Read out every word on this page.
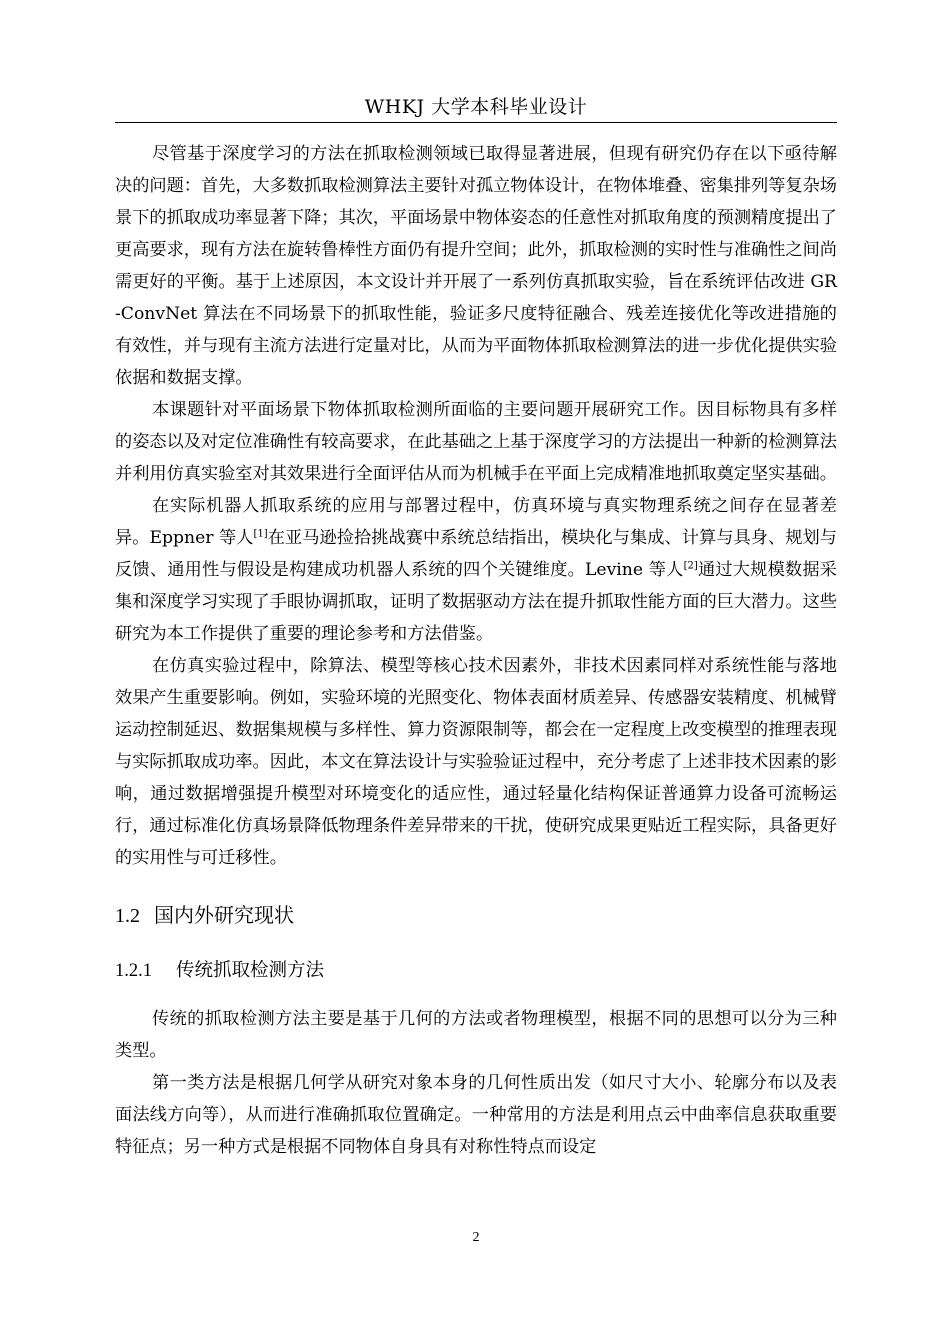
WHKJ 大学本科毕业设计

尽管基于深度学习的方法在抓取检测领域已取得显著进展，但现有研究仍存在以下亟待解决的问题：首先，大多数抓取检测算法主要针对孤立物体设计，在物体堆叠、密集排列等复杂场景下的抓取成功率显著下降；其次，平面场景中物体姿态的任意性对抓取角度的预测精度提出了更高要求，现有方法在旋转鲁棒性方面仍有提升空间；此外，抓取检测的实时性与准确性之间尚需更好的平衡。基于上述原因，本文设计并开展了一系列仿真抓取实验，旨在系统评估改进 GR-ConvNet 算法在不同场景下的抓取性能，验证多尺度特征融合、残差连接优化等改进措施的有效性，并与现有主流方法进行定量对比，从而为平面物体抓取检测算法的进一步优化提供实验依据和数据支撑。

本课题针对平面场景下物体抓取检测所面临的主要问题开展研究工作。因目标物具有多样的姿态以及对定位准确性有较高要求，在此基础之上基于深度学习的方法提出一种新的检测算法并利用仿真实验室对其效果进行全面评估从而为机械手在平面上完成精准地抓取奠定坚实基础。

在实际机器人抓取系统的应用与部署过程中，仿真环境与真实物理系统之间存在显著差异。Eppner 等人[1]在亚马逊捡拾挑战赛中系统总结指出，模块化与集成、计算与具身、规划与反馈、通用性与假设是构建成功机器人系统的四个关键维度。Levine 等人[2]通过大规模数据采集和深度学习实现了手眼协调抓取，证明了数据驱动方法在提升抓取性能方面的巨大潜力。这些研究为本工作提供了重要的理论参考和方法借鉴。

在仿真实验过程中，除算法、模型等核心技术因素外，非技术因素同样对系统性能与落地效果产生重要影响。例如，实验环境的光照变化、物体表面材质差异、传感器安装精度、机械臂运动控制延迟、数据集规模与多样性、算力资源限制等，都会在一定程度上改变模型的推理表现与实际抓取成功率。因此，本文在算法设计与实验验证过程中，充分考虑了上述非技术因素的影响，通过数据增强提升模型对环境变化的适应性，通过轻量化结构保证普通算力设备可流畅运行，通过标准化仿真场景降低物理条件差异带来的干扰，使研究成果更贴近工程实际，具备更好的实用性与可迁移性。

1.2 国内外研究现状
1.2.1 传统抓取检测方法

传统的抓取检测方法主要是基于几何的方法或者物理模型，根据不同的思想可以分为三种类型。

第一类方法是根据几何学从研究对象本身的几何性质出发（如尺寸大小、轮廓分布以及表面法线方向等），从而进行准确抓取位置确定。一种常用的方法是利用点云中曲率信息获取重要特征点；另一种方式是根据不同物体自身具有对称性特点而设定

2
